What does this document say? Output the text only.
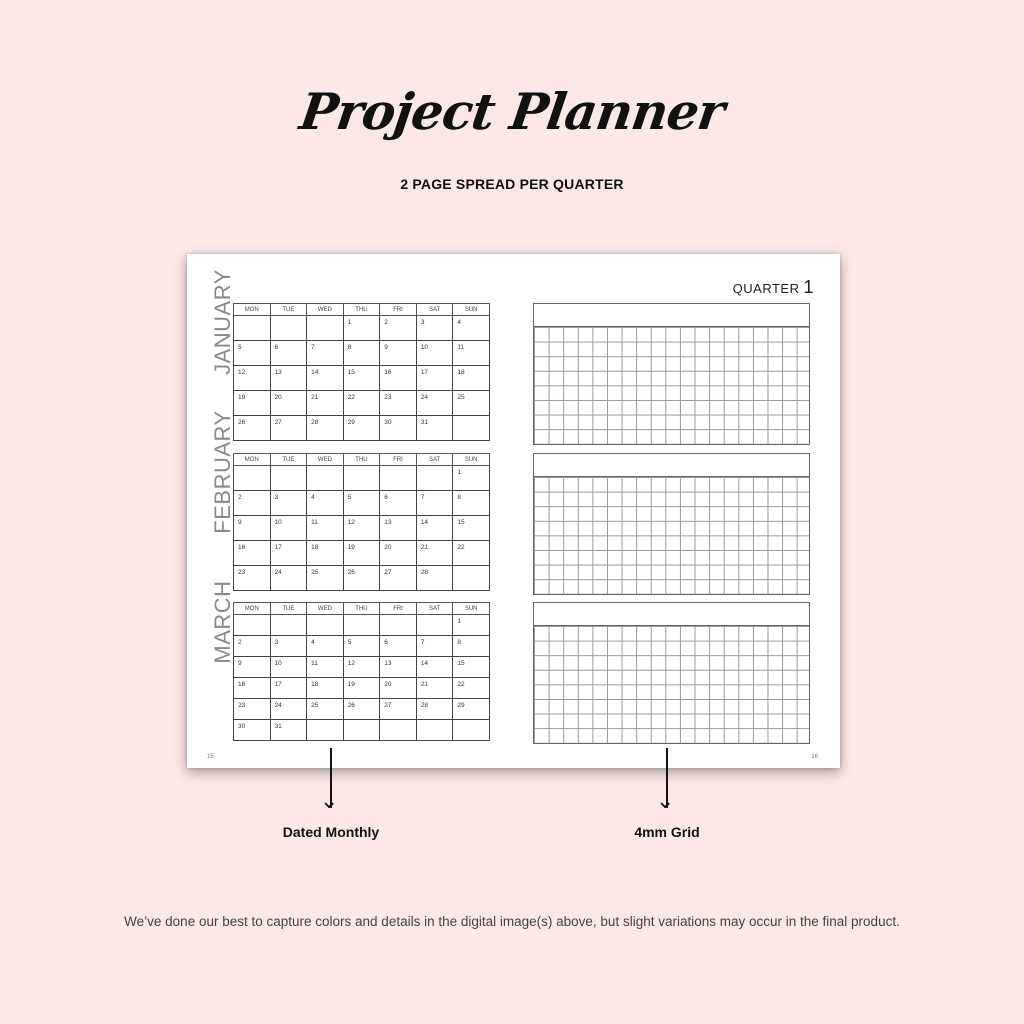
Project Planner
2 PAGE SPREAD PER QUARTER
JANUARY
FEBRUARY
MARCH
MON	TUE	WED	THU	FRI	SAT	SUN
			1	2	3	4
5	6	7	8	9	10	11
12	13	14	15	16	17	18
19	20	21	22	23	24	25
26	27	28	29	30	31	
MON	TUE	WED	THU	FRI	SAT	SUN
						1
2	3	4	5	6	7	8
9	10	11	12	13	14	15
16	17	18	19	20	21	22
23	24	25	26	27	28	
MON	TUE	WED	THU	FRI	SAT	SUN
						1
2	3	4	5	6	7	8
9	10	11	12	13	14	15
16	17	18	19	20	21	22
23	24	25	26	27	28	29
30	31					
15
QUARTER 1
16
⌄	⌄
Dated Monthly	4mm Grid
We’ve done our best to capture colors and details in the digital image(s) above, but slight variations may occur in the final product.
